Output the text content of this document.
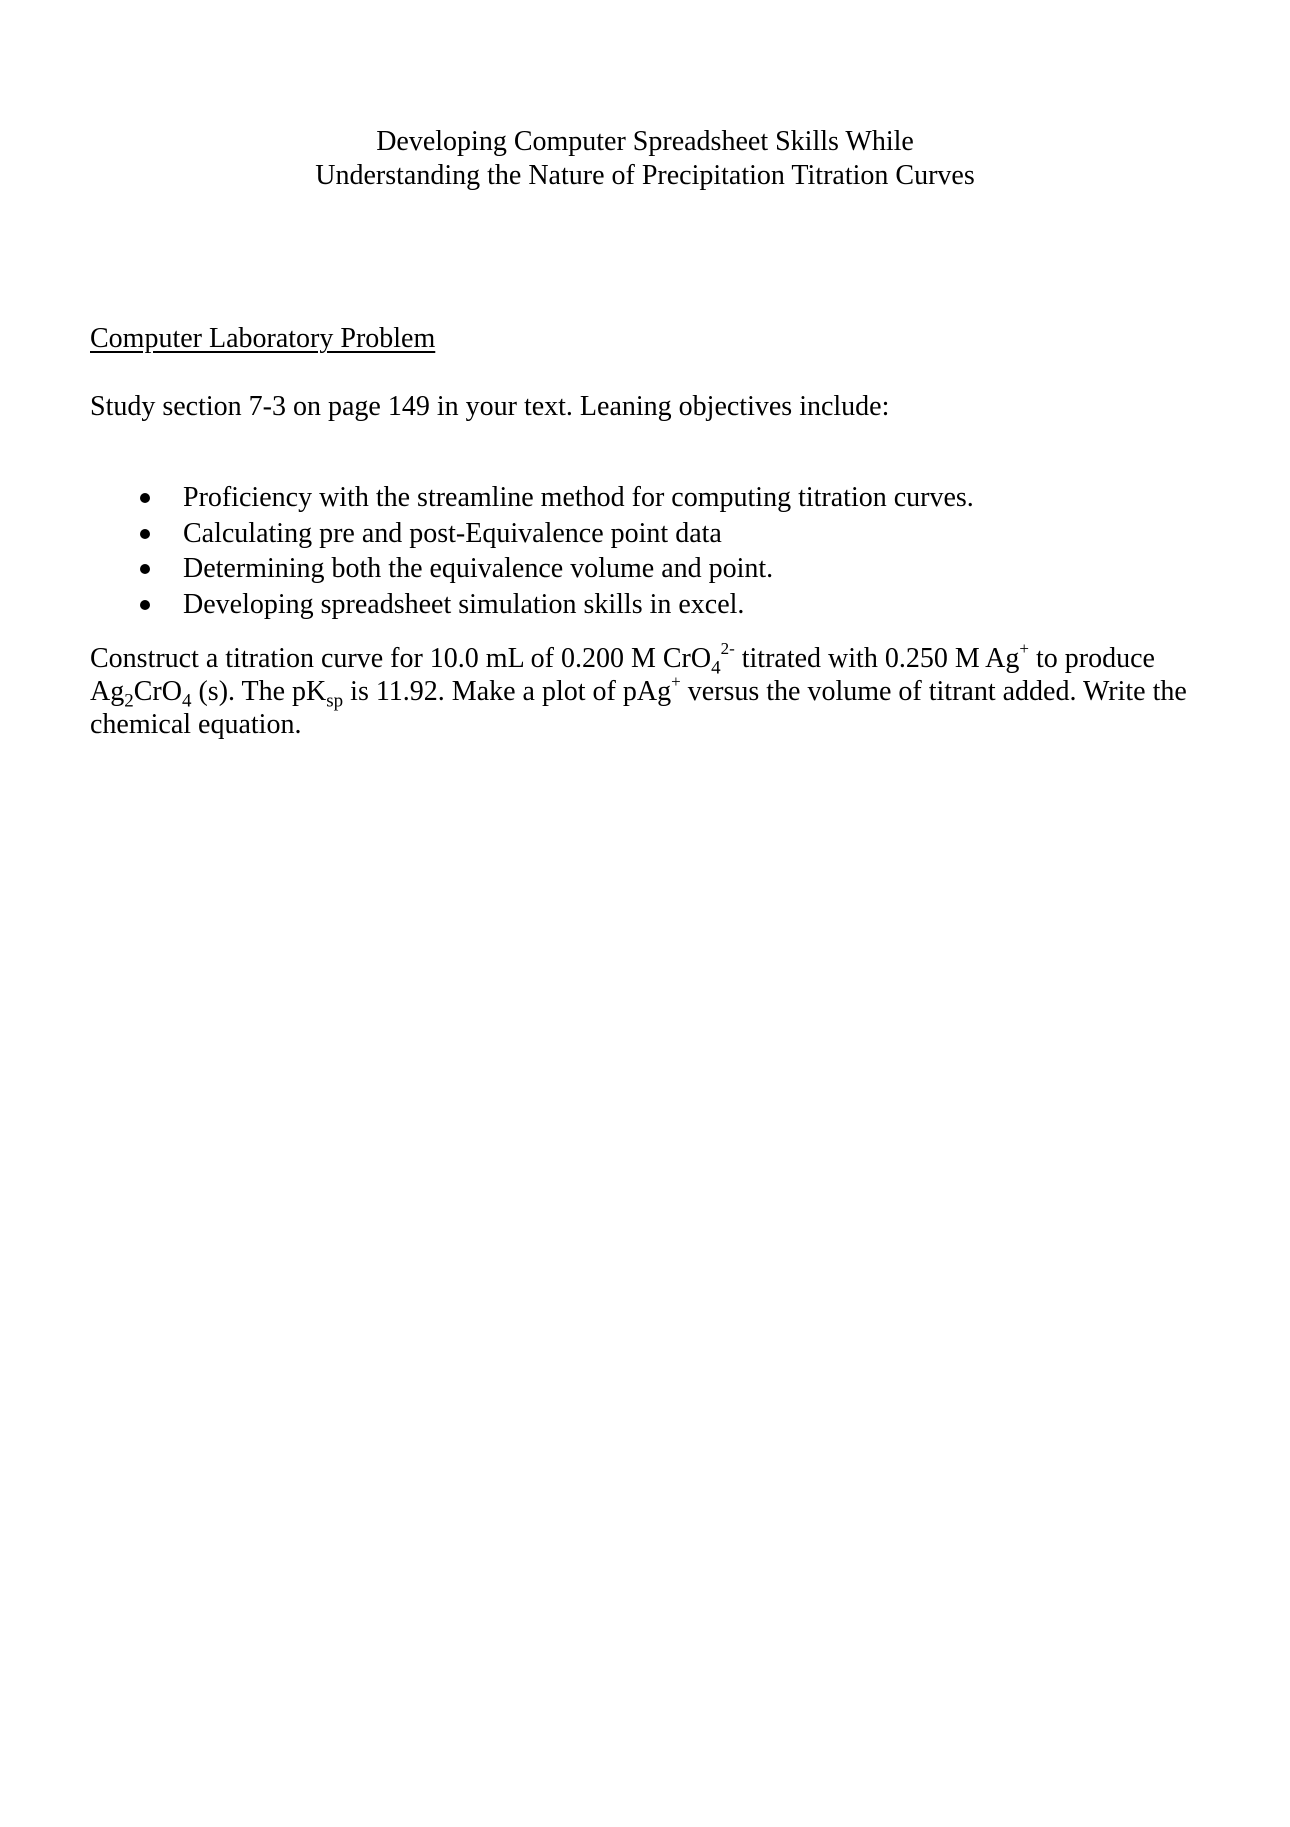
Developing Computer Spreadsheet Skills While
Understanding the Nature of Precipitation Titration Curves
Computer Laboratory Problem
Study section 7-3 on page 149 in your text. Leaning objectives include:
Proficiency with the streamline method for computing titration curves.
Calculating pre and post-Equivalence point data
Determining both the equivalence volume and point.
Developing spreadsheet simulation skills in excel.
Construct a titration curve for 10.0 mL of 0.200 M CrO$_4^{2-}$ titrated with 0.250 M Ag+ to produce $Ag_2CrO_4$ (s). The $pK_{sp}$ is 11.92. Make a plot of pAg+ versus the volume of titrant added. Write the chemical equation.
